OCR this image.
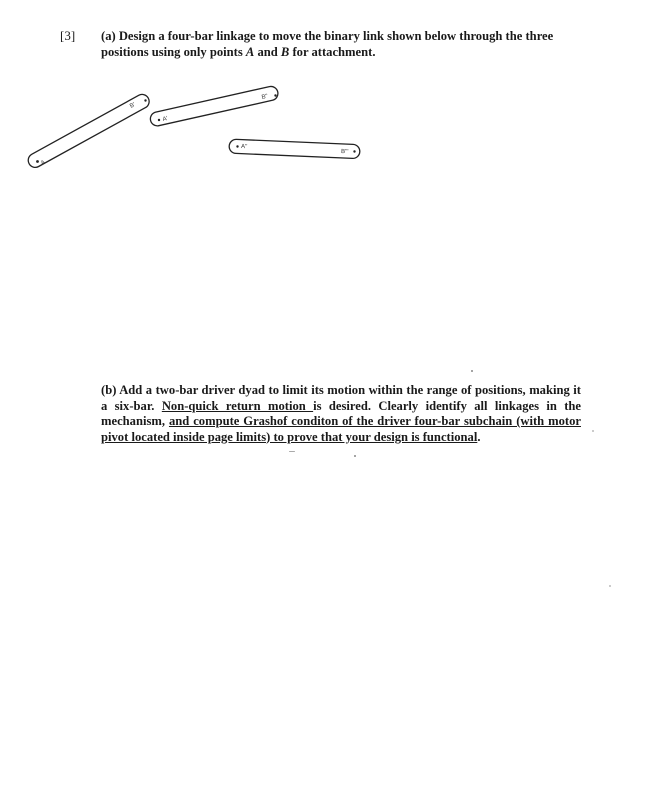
[3] (a) Design a four-bar linkage to move the binary link shown below through the three positions using only points A and B for attachment.

A
B'
A'
B''
A''
B'''

(b) Add a two-bar driver dyad to limit its motion within the range of positions, making it a six-bar. Non-quick return motion is desired. Clearly identify all linkages in the mechanism, and compute Grashof conditon of the driver four-bar subchain (with motor pivot located inside page limits) to prove that your design is functional.
